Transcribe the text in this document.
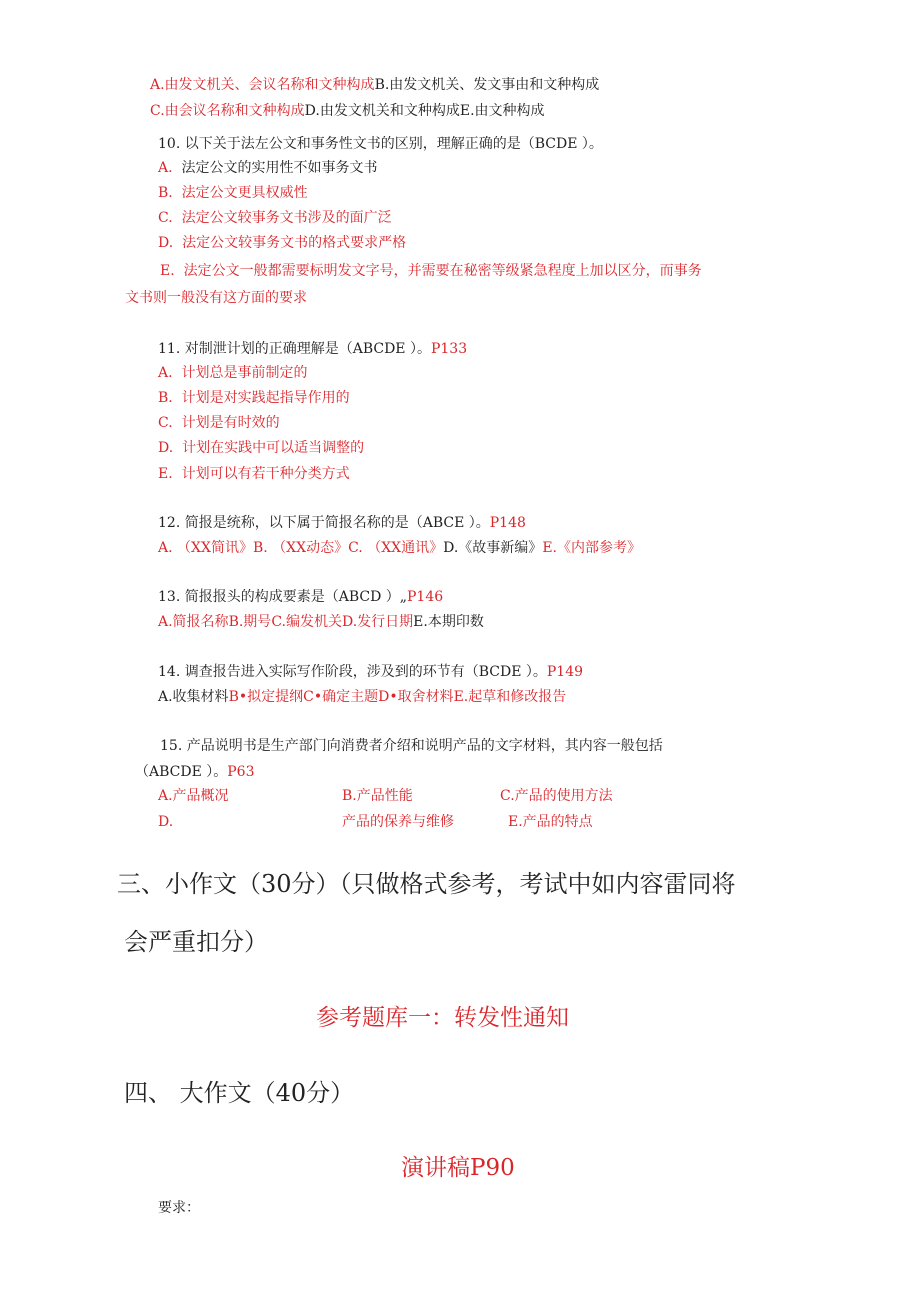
A.由发文机关、会议名称和文种构成B.由发文机关、发文事由和文种构成
C.由会议名称和文种构成D.由发文机关和文种构成E.由文种构成
10. 以下关于法左公文和事务性文书的区别，理解正确的是（BCDE ）。
A. 法定公文的实用性不如事务文书
B. 法定公文更具权威性
C. 法定公文较事务文书涉及的面广泛
D. 法定公文较事务文书的格式要求严格
E. 法定公文一般都需要标明发文字号，并需要在秘密等级紧急程度上加以区分，而事务
文书则一般没有这方面的要求
11. 对制泄计划的正确理解是（ABCDE ）。P133
A. 计划总是事前制定的
B. 计划是对实践起指导作用的
C. 计划是有时效的
D. 计划在实践中可以适当调整的
E. 计划可以有若干种分类方式
12. 简报是统称，以下属于简报名称的是（ABCE ）。P148
A. （XX简讯》B. （XX动态》C. （XX通讯》D.《故事新编》E.《内部参考》
13. 简报报头的构成要素是（ABCD ）„P146
A.简报名称B.期号C.编发机关D.发行日期E.本期印数
14. 调查报告进入实际写作阶段，涉及到的环节有（BCDE ）。P149
A.收集材料B•拟定提纲C•确定主题D•取舍材料E.起草和修改报告
15. 产品说明书是生产部门向消费者介绍和说明产品的文字材料，其内容一般包括
（ABCDE ）。P63
A.产品概况	B.产品性能	C.产品的使用方法
D.	产品的保养与维修	E.产品的特点
三、小作文（30分）（只做格式参考，考试中如内容雷同将
会严重扣分）
参考题库一：转发性通知
四、 大作文（40分）
演讲稿P90
要求：
